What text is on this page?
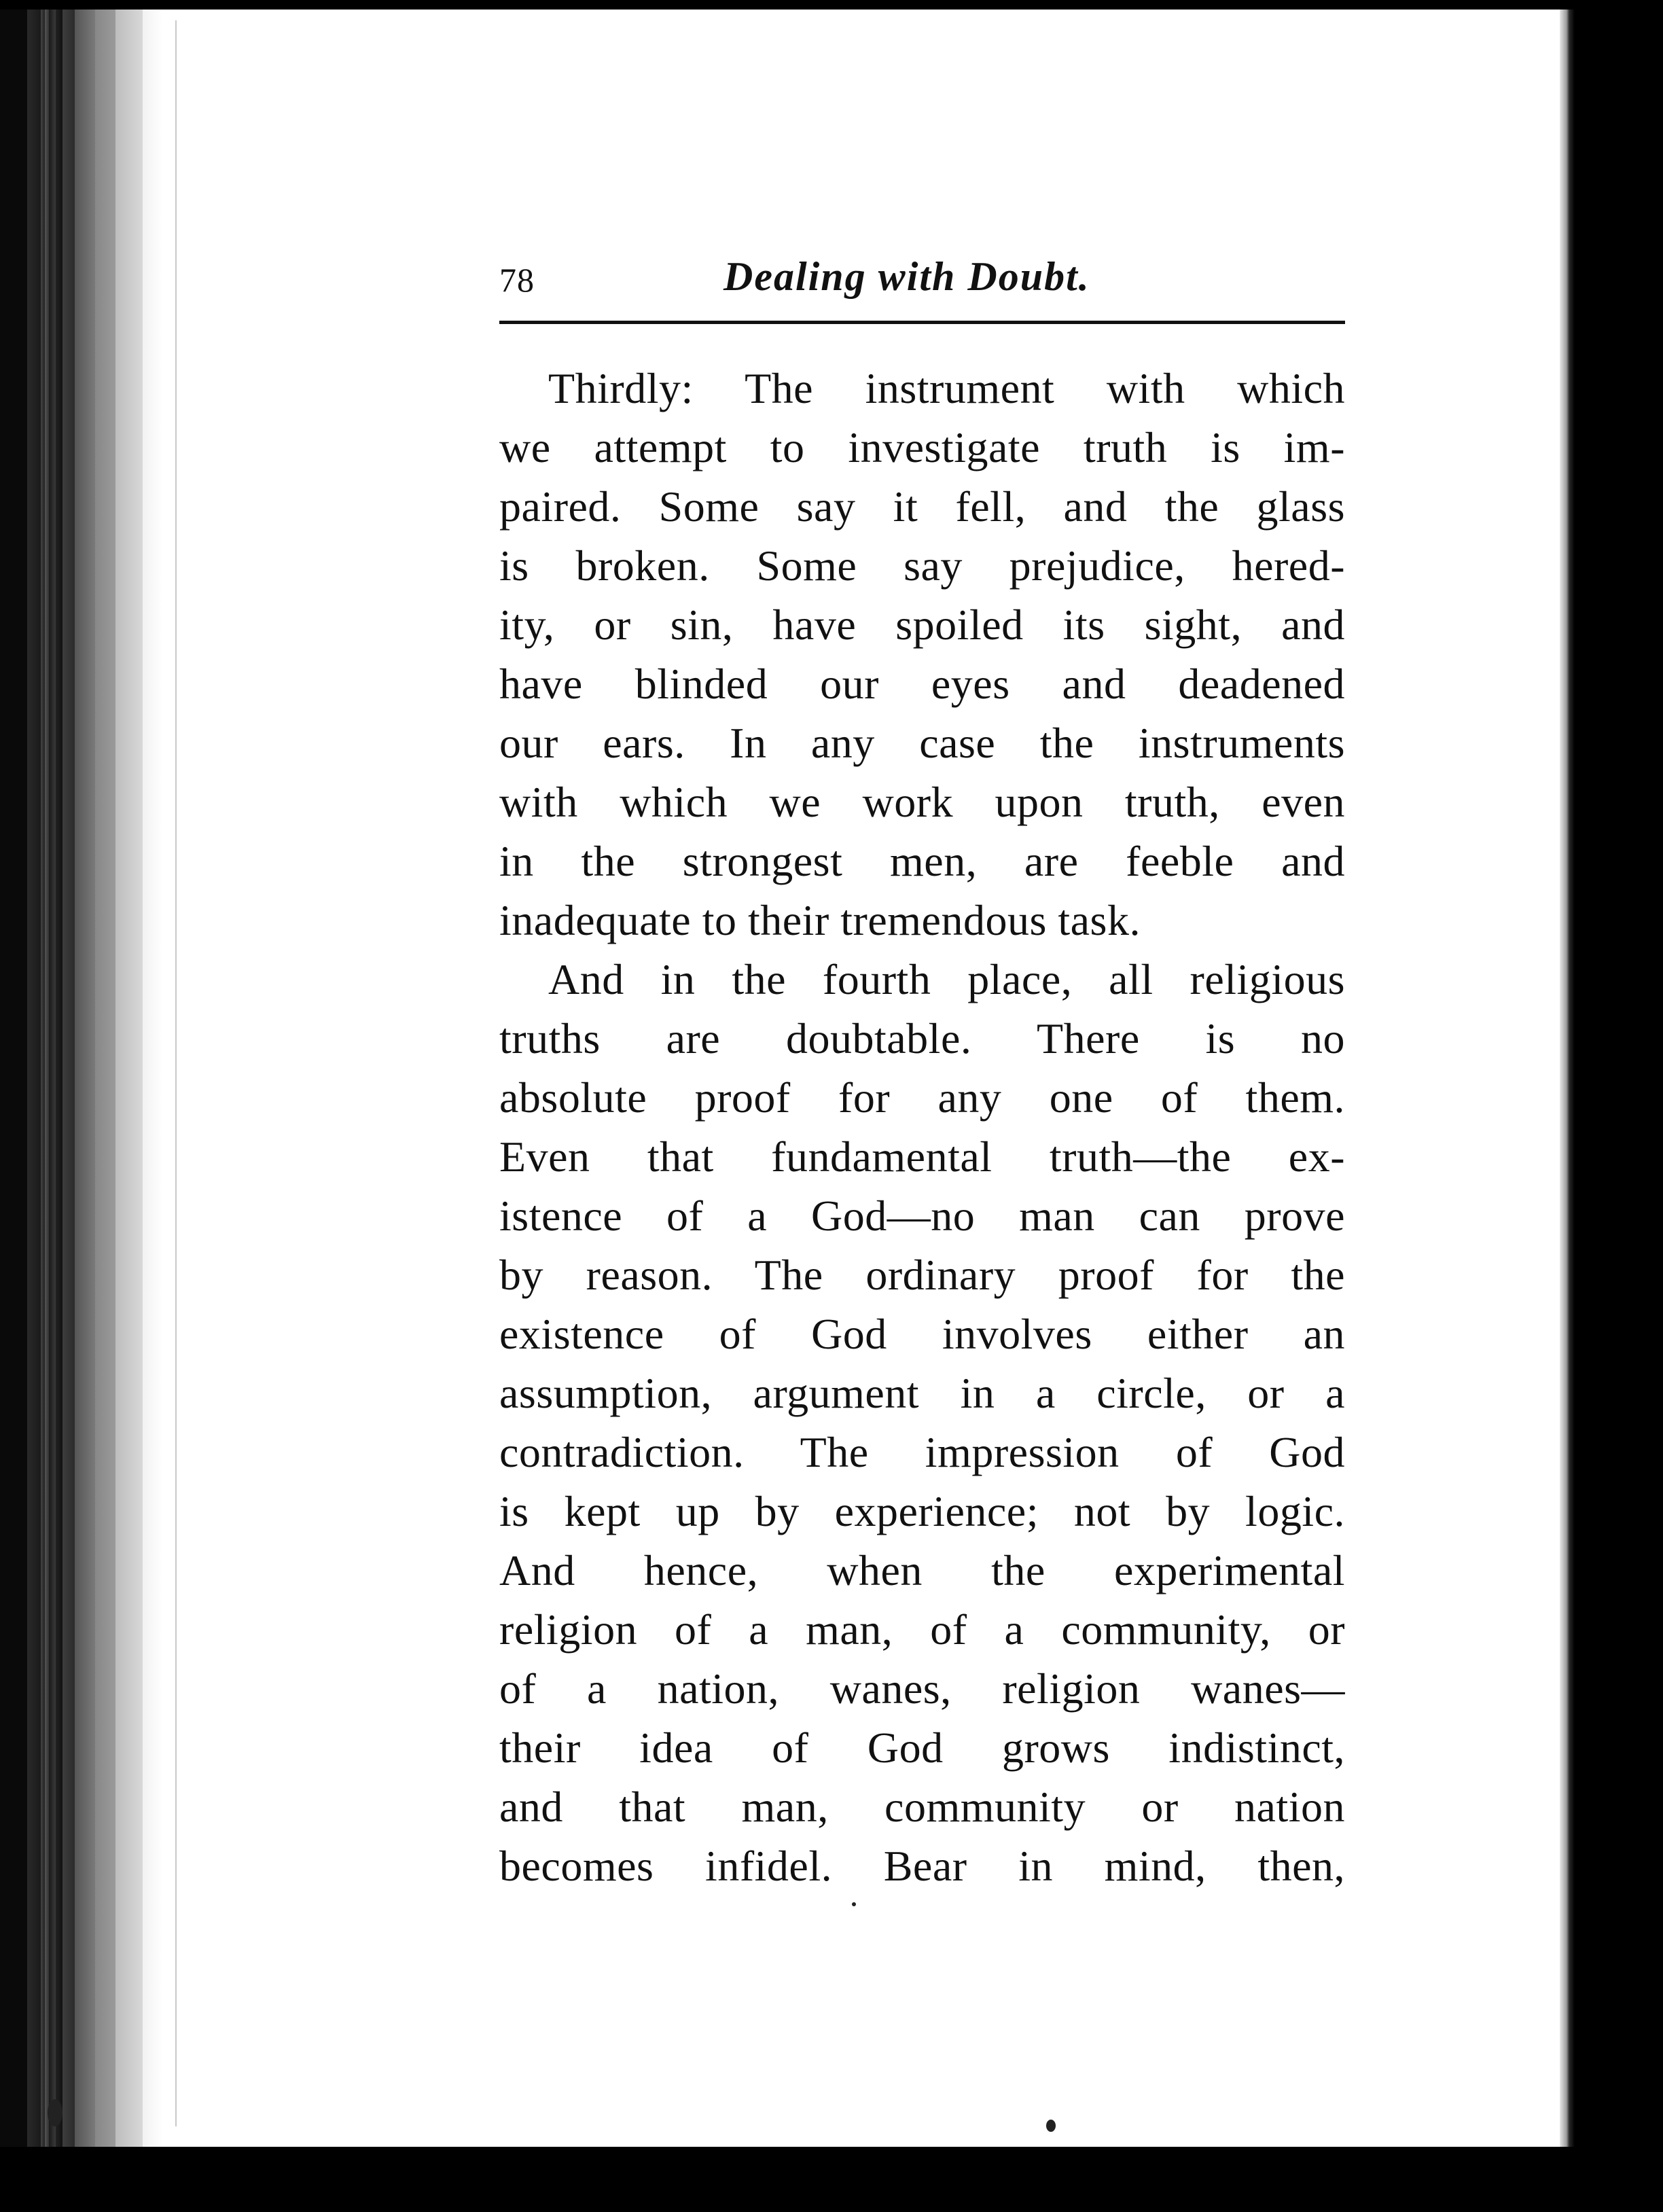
78	Dealing with Doubt.
Thirdly: The instrument with which
we attempt to investigate truth is im-
paired. Some say it fell, and the glass
is broken. Some say prejudice, hered-
ity, or sin, have spoiled its sight, and
have blinded our eyes and deadened
our ears. In any case the instruments
with which we work upon truth, even
in the strongest men, are feeble and
inadequate to their tremendous task.
And in the fourth place, all religious
truths are doubtable. There is no
absolute proof for any one of them.
Even that fundamental truth—the ex-
istence of a God—no man can prove
by reason. The ordinary proof for the
existence of God involves either an
assumption, argument in a circle, or a
contradiction. The impression of God
is kept up by experience; not by logic.
And hence, when the experimental
religion of a man, of a community, or
of a nation, wanes, religion wanes—
their idea of God grows indistinct,
and that man, community or nation
becomes infidel. Bear in mind, then,
